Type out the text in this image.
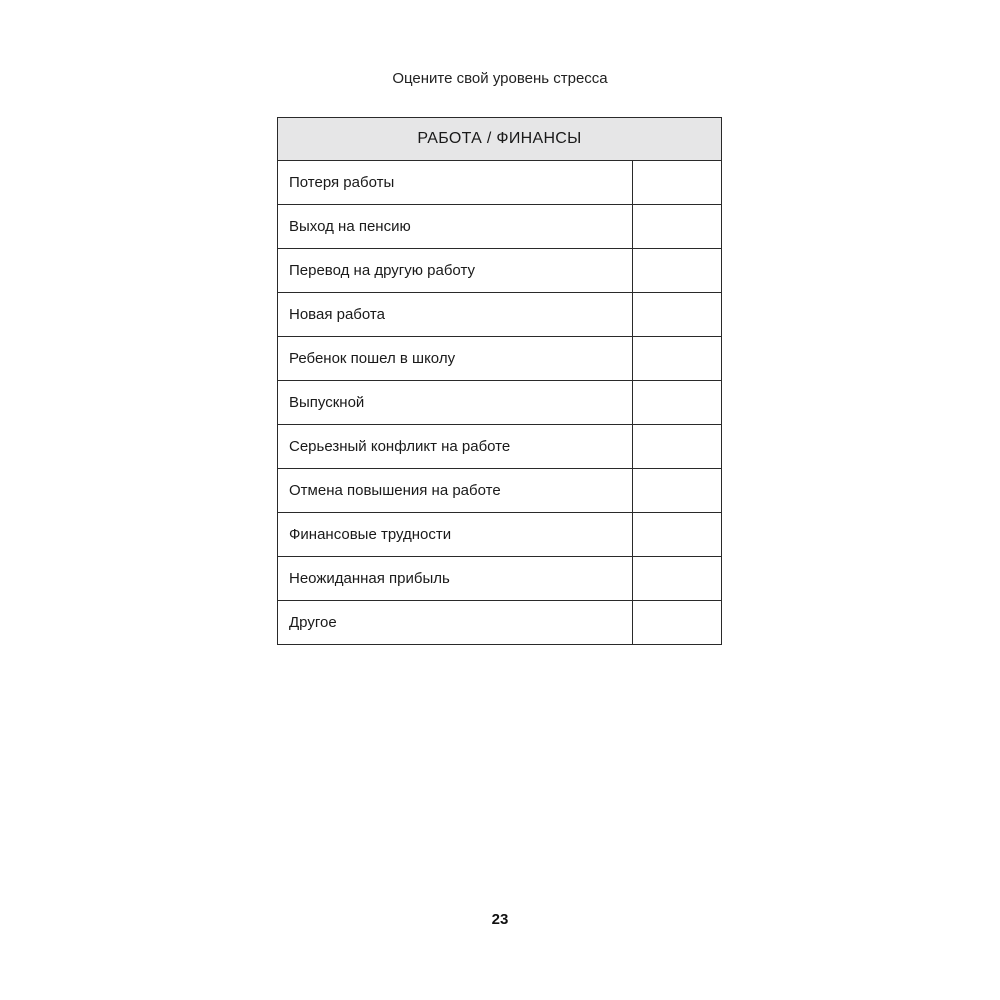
Оцените свой уровень стресса
РАБОТА / ФИНАНСЫ	
Потеря работы	
Выход на пенсию	
Перевод на другую работу	
Новая работа	
Ребенок пошел в школу	
Выпускной	
Серьезный конфликт на работе	
Отмена повышения на работе	
Финансовые трудности	
Неожиданная прибыль	
Другое	
23
